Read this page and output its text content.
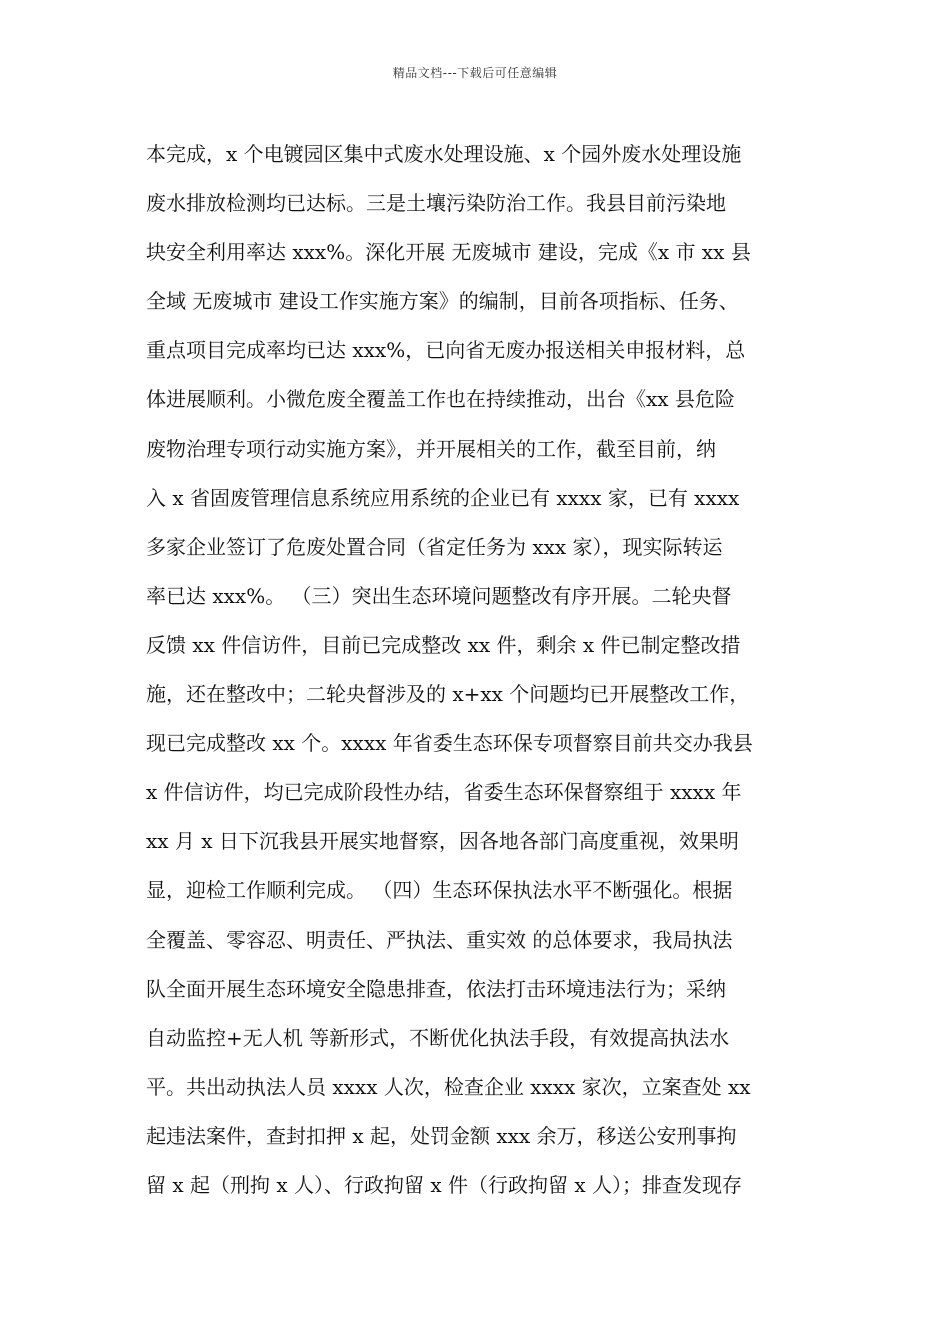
精品文档---下载后可任意编辑
本完成，x 个电镀园区集中式废水处理设施、x 个园外废水处理设施
废水排放检测均已达标。三是土壤污染防治工作。我县目前污染地
块安全利用率达 xxx%。深化开展 无废城市 建设，完成《x 市 xx 县
全域 无废城市 建设工作实施方案》的编制，目前各项指标、任务、
重点项目完成率均已达 xxx%，已向省无废办报送相关申报材料，总
体进展顺利。小微危废全覆盖工作也在持续推动，出台《xx 县危险
废物治理专项行动实施方案》，并开展相关的工作，截至目前，纳
入 x 省固废管理信息系统应用系统的企业已有 xxxx 家，已有 xxxx
多家企业签订了危废处置合同（省定任务为 xxx 家），现实际转运
率已达 xxx%。 （三）突出生态环境问题整改有序开展。二轮央督
反馈 xx 件信访件，目前已完成整改 xx 件，剩余 x 件已制定整改措
施，还在整改中；二轮央督涉及的 x+xx 个问题均已开展整改工作，
现已完成整改 xx 个。xxxx 年省委生态环保专项督察目前共交办我县
x 件信访件，均已完成阶段性办结，省委生态环保督察组于 xxxx 年
xx 月 x 日下沉我县开展实地督察，因各地各部门高度重视，效果明
显，迎检工作顺利完成。 （四）生态环保执法水平不断强化。根据
全覆盖、零容忍、明责任、严执法、重实效 的总体要求，我局执法
队全面开展生态环境安全隐患排查，依法打击环境违法行为；采纳
自动监控+无人机 等新形式，不断优化执法手段，有效提高执法水
平。共出动执法人员 xxxx 人次，检查企业 xxxx 家次，立案查处 xx
起违法案件，查封扣押 x 起，处罚金额 xxx 余万，移送公安刑事拘
留 x 起（刑拘 x 人）、行政拘留 x 件（行政拘留 x 人）；排查发现存
